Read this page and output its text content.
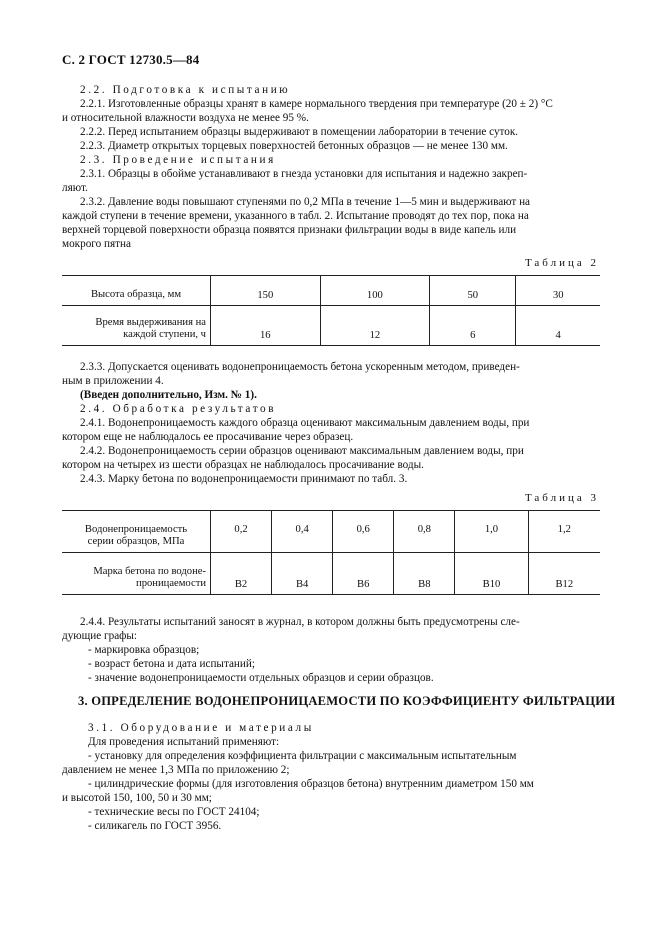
С. 2 ГОСТ 12730.5—84
2.2. Подготовка к испытанию
2.2.1. Изготовленные образцы хранят в камере нормального твердения при температуре (20 ± 2) °С
и относительной влажности воздуха не менее 95 %.
2.2.2. Перед испытанием образцы выдерживают в помещении лаборатории в течение суток.
2.2.3. Диаметр открытых торцевых поверхностей бетонных образцов — не менее 130 мм.
2.3. Проведение испытания
2.3.1. Образцы в обойме устанавливают в гнезда установки для испытания и надежно закреп-
ляют.
2.3.2. Давление воды повышают ступенями по 0,2 МПа в течение 1—5 мин и выдерживают на
каждой ступени в течение времени, указанного в табл. 2. Испытание проводят до тех пор, пока на
верхней торцевой поверхности образца появятся признаки фильтрации воды в виде капель или
мокрого пятна
Таблица 2
Высота образца, мм	150	100	50	30
Время выдерживания на
каждой ступени, ч	16	12	6	4
2.3.3. Допускается оценивать водонепроницаемость бетона ускоренным методом, приведен-
ным в приложении 4.
(Введен дополнительно, Изм. № 1).
2.4. Обработка результатов
2.4.1. Водонепроницаемость каждого образца оценивают максимальным давлением воды, при
котором еще не наблюдалось ее просачивание через образец.
2.4.2. Водонепроницаемость серии образцов оценивают максимальным давлением воды, при
котором на четырех из шести образцах не наблюдалось просачивание воды.
2.4.3. Марку бетона по водонепроницаемости принимают по табл. 3.
Таблица 3
Водонепроницаемость
серии образцов, МПа	0,2	0,4	0,6	0,8	1,0	1,2
Марка бетона по водоне-
проницаемости	В2	В4	В6	В8	В10	В12
2.4.4. Результаты испытаний заносят в журнал, в котором должны быть предусмотрены сле-
дующие графы:
- маркировка образцов;
- возраст бетона и дата испытаний;
- значение водонепроницаемости отдельных образцов и серии образцов.
3. ОПРЕДЕЛЕНИЕ ВОДОНЕПРОНИЦАЕМОСТИ ПО КОЭФФИЦИЕНТУ ФИЛЬТРАЦИИ
3.1. Оборудование и материалы
Для проведения испытаний применяют:
- установку для определения коэффициента фильтрации с максимальным испытательным
давлением не менее 1,3 МПа по приложению 2;
- цилиндрические формы (для изготовления образцов бетона) внутренним диаметром 150 мм
и высотой 150, 100, 50 и 30 мм;
- технические весы по ГОСТ 24104;
- силикагель по ГОСТ 3956.
